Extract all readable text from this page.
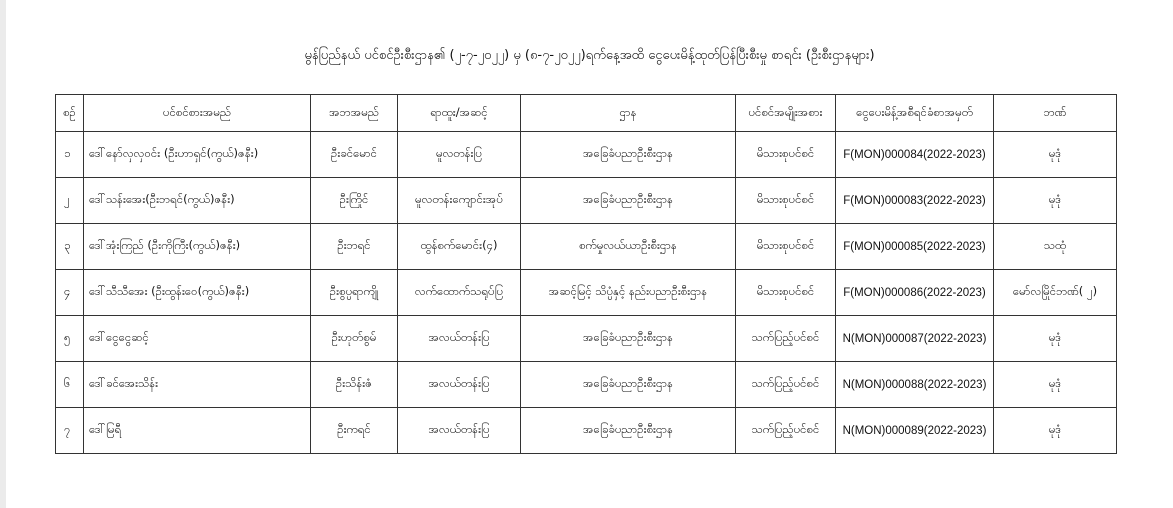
မွန်ပြည်နယ် ပင်စင်ဦးစီးဌာန၏ (၂-၇-၂၀၂၂) မှ (၈-၇-၂၀၂၂)ရက်နေ့အထိ ငွေပေးမိန့်ထုတ်ပြန်ပြီးစီးမှု စာရင်း (ဦးစီးဌာနများ)
စဉ်	ပင်စင်စားအမည်	အဘအမည်	ရာထူး/အဆင့်	ဌာန	ပင်စင်အမျိုးအစား	ငွေပေးမိန့်အစီရင်ခံစာအမှတ်	ဘဏ်
၁	ဒေါ်နော်လှလှဝင်း (ဦးဟာရှင်(ကွယ်)ဇနီး)	ဦးခင်မောင်	မူလတန်းပြ	အခြေခံပညာဦးစီးဌာန	မိသားစုပင်စင်	F(MON)000084(2022-2023)	မုဒုံ
၂	ဒေါ်သန်းအေး(ဦးဘရင်(ကွယ်)ဇနီး)	ဦးကြိုင်	မူလတန်းကျောင်းအုပ်	အခြေခံပညာဦးစီးဌာန	မိသားစုပင်စင်	F(MON)000083(2022-2023)	မုဒုံ
၃	ဒေါ်အုံးကြည် (ဦးကိုကြီး(ကွယ်)ဇနီး)	ဦးဘရင်	ထွန်စက်မောင်း(၄)	စက်မှုလယ်ယာဦးစီးဌာန	မိသားစုပင်စင်	F(MON)000085(2022-2023)	သထုံ
၄	ဒေါ်သီသီအေး (ဦးထွန်းဝေ(ကွယ်)ဇနီး)	ဦးစွပ္ပရာကျို	လက်ထောက်သရုပ်ပြ	အဆင့်မြင့် သိပ္ပံနှင့် နည်းပညာဦးစီးဌာန	မိသားစုပင်စင်	F(MON)000086(2022-2023)	မော်လမြိုင်ဘဏ်( ၂)
၅	ဒေါ်ငွေငွေဆင့်	ဦးဟုတ်စွမ်	အလယ်တန်းပြ	အခြေခံပညာဦးစီးဌာန	သက်ပြည့်ပင်စင်	N(MON)000087(2022-2023)	မုဒုံ
၆	ဒေါ်ခင်အေးသိန်း	ဦးသိန်းဇံ	အလယ်တန်းပြ	အခြေခံပညာဦးစီးဌာန	သက်ပြည့်ပင်စင်	N(MON)000088(2022-2023)	မုဒုံ
၇	ဒေါ်မြရီ	ဦးကရင်	အလယ်တန်းပြ	အခြေခံပညာဦးစီးဌာန	သက်ပြည့်ပင်စင်	N(MON)000089(2022-2023)	မုဒုံ
